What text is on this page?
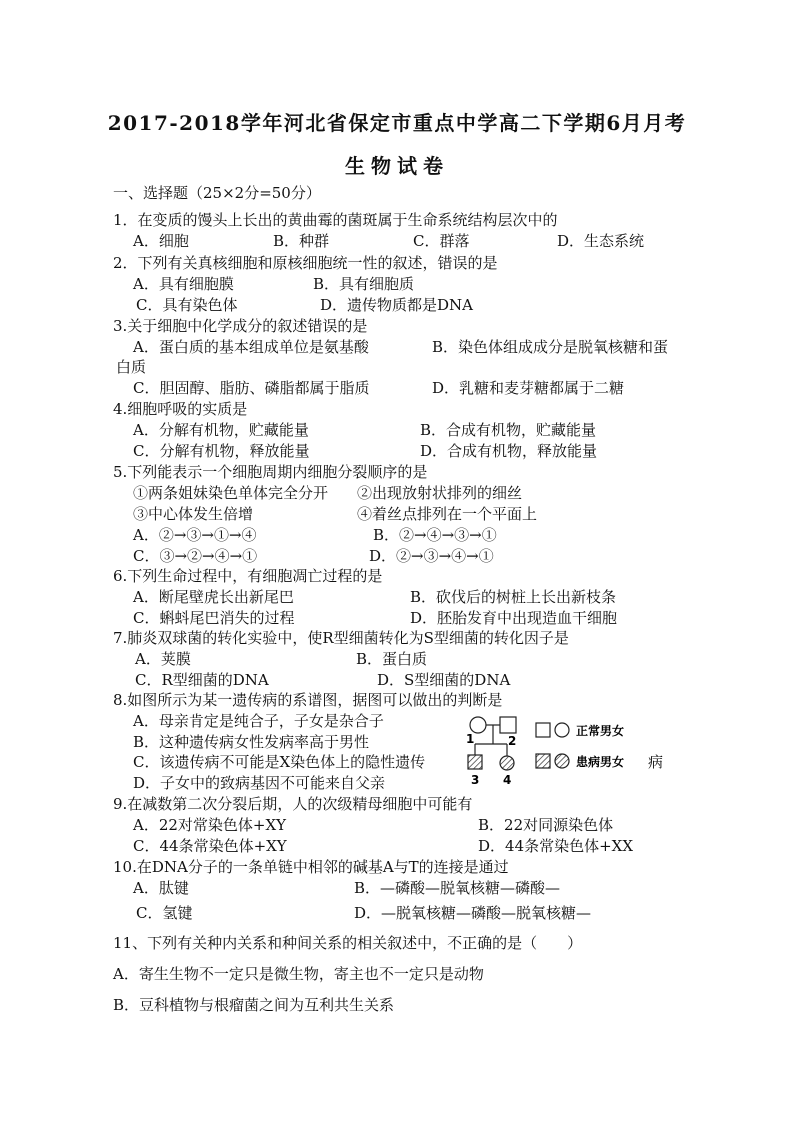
2017-2018学年河北省保定市重点中学高二下学期6月月考
生物试卷
一、选择题（25×2分=50分）
1．在变质的馒头上长出的黄曲霉的菌斑属于生命系统结构层次中的
A．细胞	B．种群	C．群落	D．生态系统
2．下列有关真核细胞和原核细胞统一性的叙述，错误的是
A．具有细胞膜	B．具有细胞质
C．具有染色体	D．遗传物质都是DNA
3.关于细胞中化学成分的叙述错误的是
A．蛋白质的基本组成单位是氨基酸	B．染色体组成成分是脱氧核糖和蛋
白质
C．胆固醇、脂肪、磷脂都属于脂质	D．乳糖和麦芽糖都属于二糖
4.细胞呼吸的实质是
A．分解有机物，贮藏能量	B．合成有机物，贮藏能量
C．分解有机物，释放能量	D．合成有机物，释放能量
5.下列能表示一个细胞周期内细胞分裂顺序的是
①两条姐妹染色单体完全分开 ②出现放射状排列的细丝
③中心体发生倍增	④着丝点排列在一个平面上
A．②→③→①→④	B．②→④→③→①
C．③→②→④→①	D．②→③→④→①
6.下列生命过程中，有细胞凋亡过程的是
A．断尾壁虎长出新尾巴	B．砍伐后的树桩上长出新枝条
C．蝌蚪尾巴消失的过程	D．胚胎发育中出现造血干细胞
7.肺炎双球菌的转化实验中，使R型细菌转化为S型细菌的转化因子是
A．荚膜	B．蛋白质
C．R型细菌的DNA	D．S型细菌的DNA
8.如图所示为某一遗传病的系谱图，据图可以做出的判断是
A．母亲肯定是纯合子，子女是杂合子
B．这种遗传病女性发病率高于男性
C．该遗传病不可能是X染色体上的隐性遗传
D．子女中的致病基因不可能来自父亲
1	2
3 4
正常男女
患病男女 病
9.在减数第二次分裂后期，人的次级精母细胞中可能有
A．22对常染色体+XY	B．22对同源染色体
C．44条常染色体+XY	D．44条常染色体+XX
10.在DNA分子的一条单链中相邻的碱基A与T的连接是通过
A．肽键	B．—磷酸—脱氧核糖—磷酸—
C．氢键	D．—脱氧核糖—磷酸—脱氧核糖—
11、下列有关种内关系和种间关系的相关叙述中，不正确的是（　　）
A．寄生生物不一定只是微生物，寄主也不一定只是动物
B．豆科植物与根瘤菌之间为互利共生关系
